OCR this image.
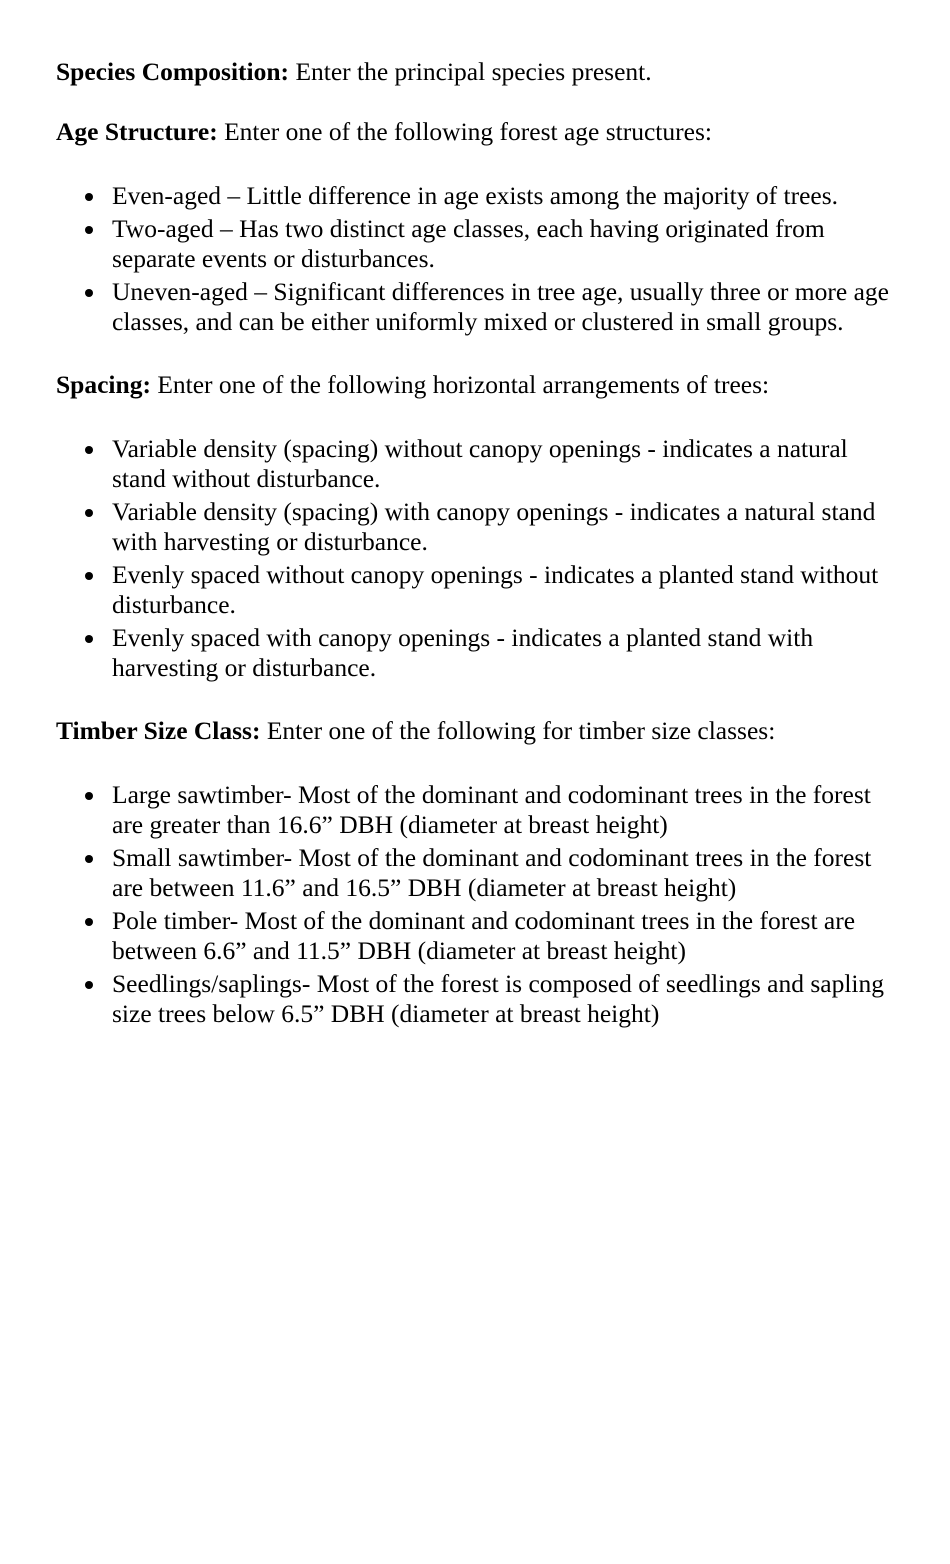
Species Composition: Enter the principal species present.

Age Structure: Enter one of the following forest age structures:

Even-aged – Little difference in age exists among the majority of trees.
Two-aged – Has two distinct age classes, each having originated from separate events or disturbances.
Uneven-aged – Significant differences in tree age, usually three or more age classes, and can be either uniformly mixed or clustered in small groups.

Spacing: Enter one of the following horizontal arrangements of trees:

Variable density (spacing) without canopy openings - indicates a natural stand without disturbance.
Variable density (spacing) with canopy openings - indicates a natural stand with harvesting or disturbance.
Evenly spaced without canopy openings - indicates a planted stand without disturbance.
Evenly spaced with canopy openings - indicates a planted stand with harvesting or disturbance.

Timber Size Class: Enter one of the following for timber size classes:

Large sawtimber- Most of the dominant and codominant trees in the forest are greater than 16.6” DBH (diameter at breast height)
Small sawtimber- Most of the dominant and codominant trees in the forest are between 11.6” and 16.5” DBH (diameter at breast height)
Pole timber- Most of the dominant and codominant trees in the forest are between 6.6” and 11.5” DBH (diameter at breast height)
Seedlings/saplings- Most of the forest is composed of seedlings and sapling size trees below 6.5” DBH (diameter at breast height)
